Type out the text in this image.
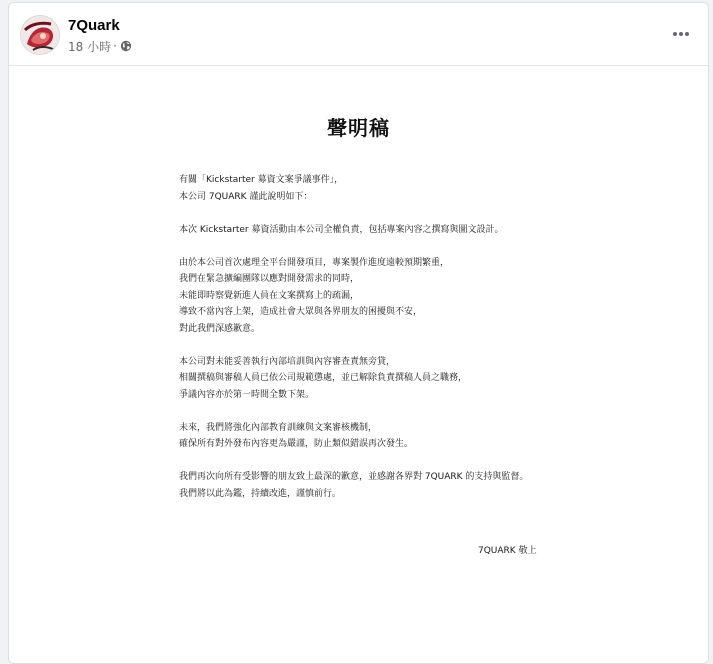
7Quark
18 小時 ·
聲明稿
有關「Kickstarter 募資文案爭議事件」，
本公司 7QUARK 謹此說明如下：
本次 Kickstarter 募資活動由本公司全權負責，包括專案內容之撰寫與圖文設計。
由於本公司首次處理全平台開發項目，專案製作進度遠較預期繁重，
我們在緊急擴編團隊以應對開發需求的同時，
未能即時察覺新進人員在文案撰寫上的疏漏，
導致不當內容上架，造成社會大眾與各界朋友的困擾與不安，
對此我們深感歉意。
本公司對未能妥善執行內部培訓與內容審查責無旁貸，
相關撰稿與審稿人員已依公司規範懲處，並已解除負責撰稿人員之職務，
爭議內容亦於第一時間全數下架。
未來，我們將強化內部教育訓練與文案審核機制，
確保所有對外發布內容更為嚴謹，防止類似錯誤再次發生。
我們再次向所有受影響的朋友致上最深的歉意，並感謝各界對 7QUARK 的支持與監督。
我們將以此為鑑，持續改進，謹慎前行。
7QUARK 敬上
